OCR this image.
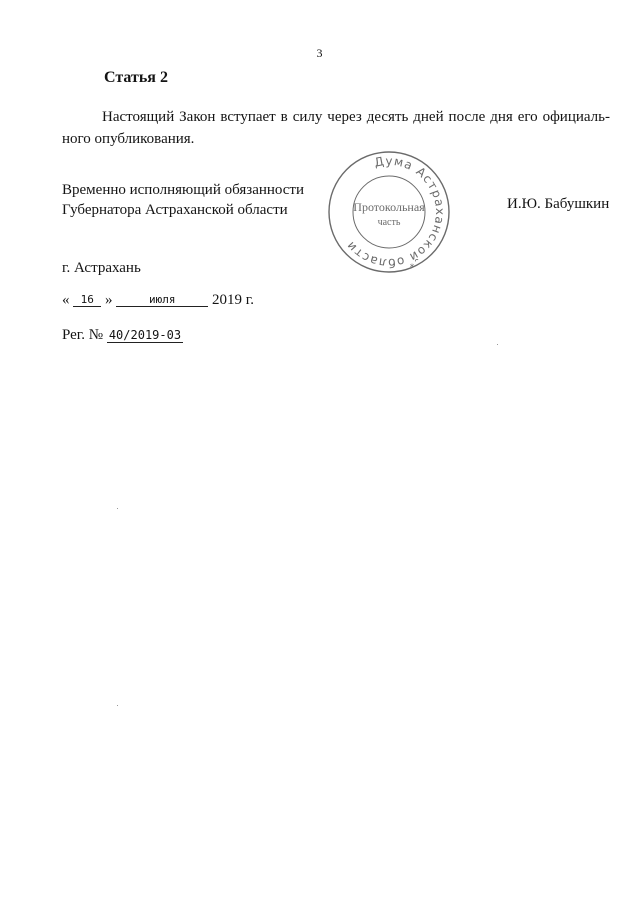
3
Статья 2
Настоящий Закон вступает в силу через десять дней после дня его официаль-
ного опубликования.
Временно исполняющий обязанности
Губернатора Астраханской области
Дума Астраханской области
Протокольная
часть
*
И.Ю. Бабушкин
г. Астрахань
« 16 »	июля 2019 г.
Рег. № 40/2019-03
